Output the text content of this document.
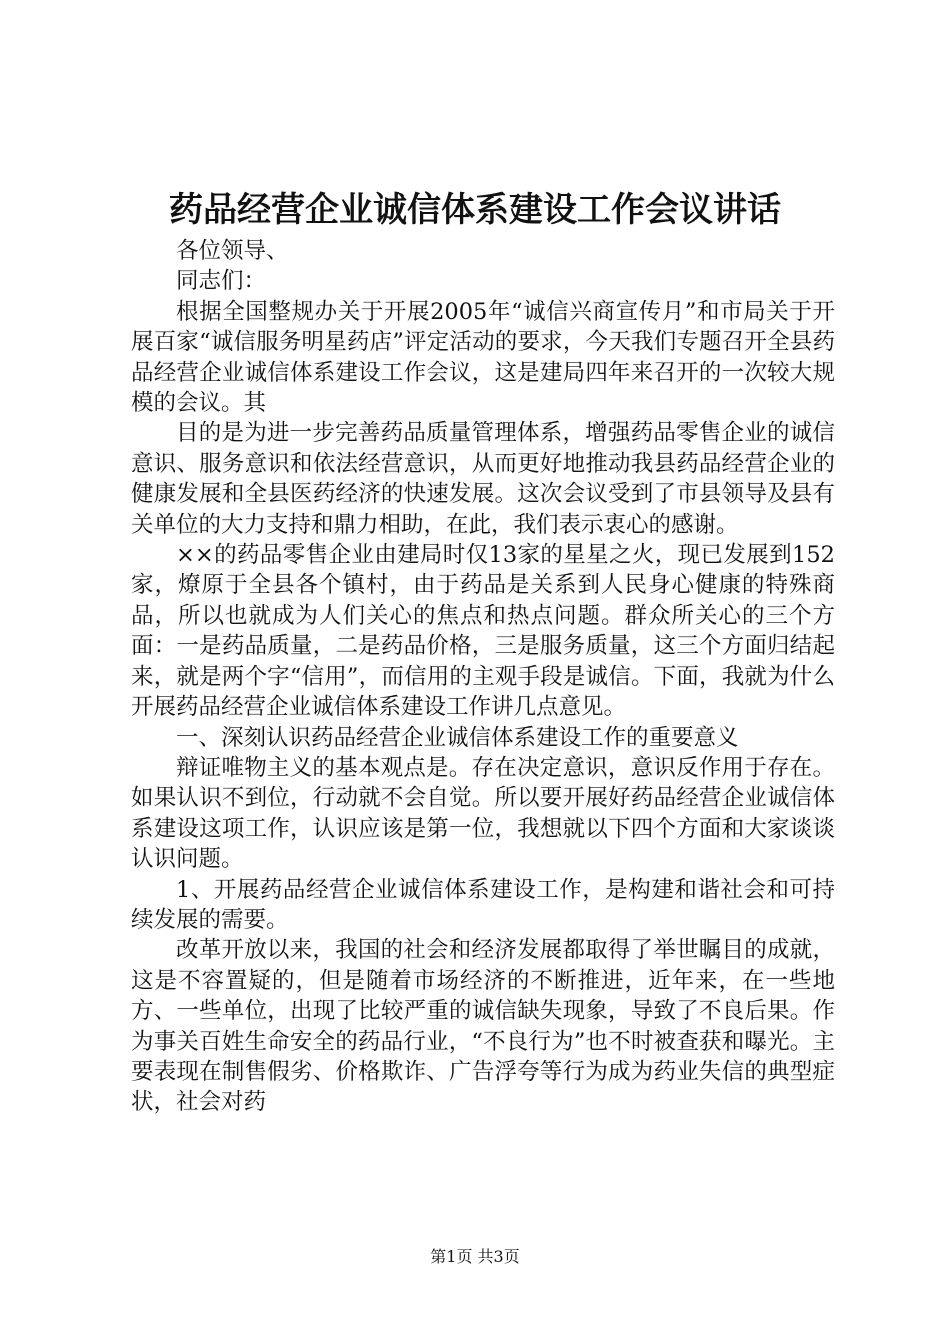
药品经营企业诚信体系建设工作会议讲话

各位领导、

同志们：

根据全国整规办关于开展2005年“诚信兴商宣传月”和市局关于开展百家“诚信服务明星药店”评定活动的要求，今天我们专题召开全县药品经营企业诚信体系建设工作会议，这是建局四年来召开的一次较大规模的会议。其

目的是为进一步完善药品质量管理体系，增强药品零售企业的诚信意识、服务意识和依法经营意识，从而更好地推动我县药品经营企业的健康发展和全县医药经济的快速发展。这次会议受到了市县领导及县有关单位的大力支持和鼎力相助，在此，我们表示衷心的感谢。

××的药品零售企业由建局时仅13家的星星之火，现已发展到152家，燎原于全县各个镇村，由于药品是关系到人民身心健康的特殊商品，所以也就成为人们关心的焦点和热点问题。群众所关心的三个方面：一是药品质量，二是药品价格，三是服务质量，这三个方面归结起来，就是两个字“信用”，而信用的主观手段是诚信。下面，我就为什么开展药品经营企业诚信体系建设工作讲几点意见。

一、深刻认识药品经营企业诚信体系建设工作的重要意义

辩证唯物主义的基本观点是。存在决定意识，意识反作用于存在。如果认识不到位，行动就不会自觉。所以要开展好药品经营企业诚信体系建设这项工作，认识应该是第一位，我想就以下四个方面和大家谈谈认识问题。

1、开展药品经营企业诚信体系建设工作，是构建和谐社会和可持续发展的需要。

改革开放以来，我国的社会和经济发展都取得了举世瞩目的成就，这是不容置疑的，但是随着市场经济的不断推进，近年来，在一些地方、一些单位，出现了比较严重的诚信缺失现象，导致了不良后果。作为事关百姓生命安全的药品行业，“不良行为”也不时被查获和曝光。主要表现在制售假劣、价格欺诈、广告浮夸等行为成为药业失信的典型症状，社会对药

第1页 共3页
